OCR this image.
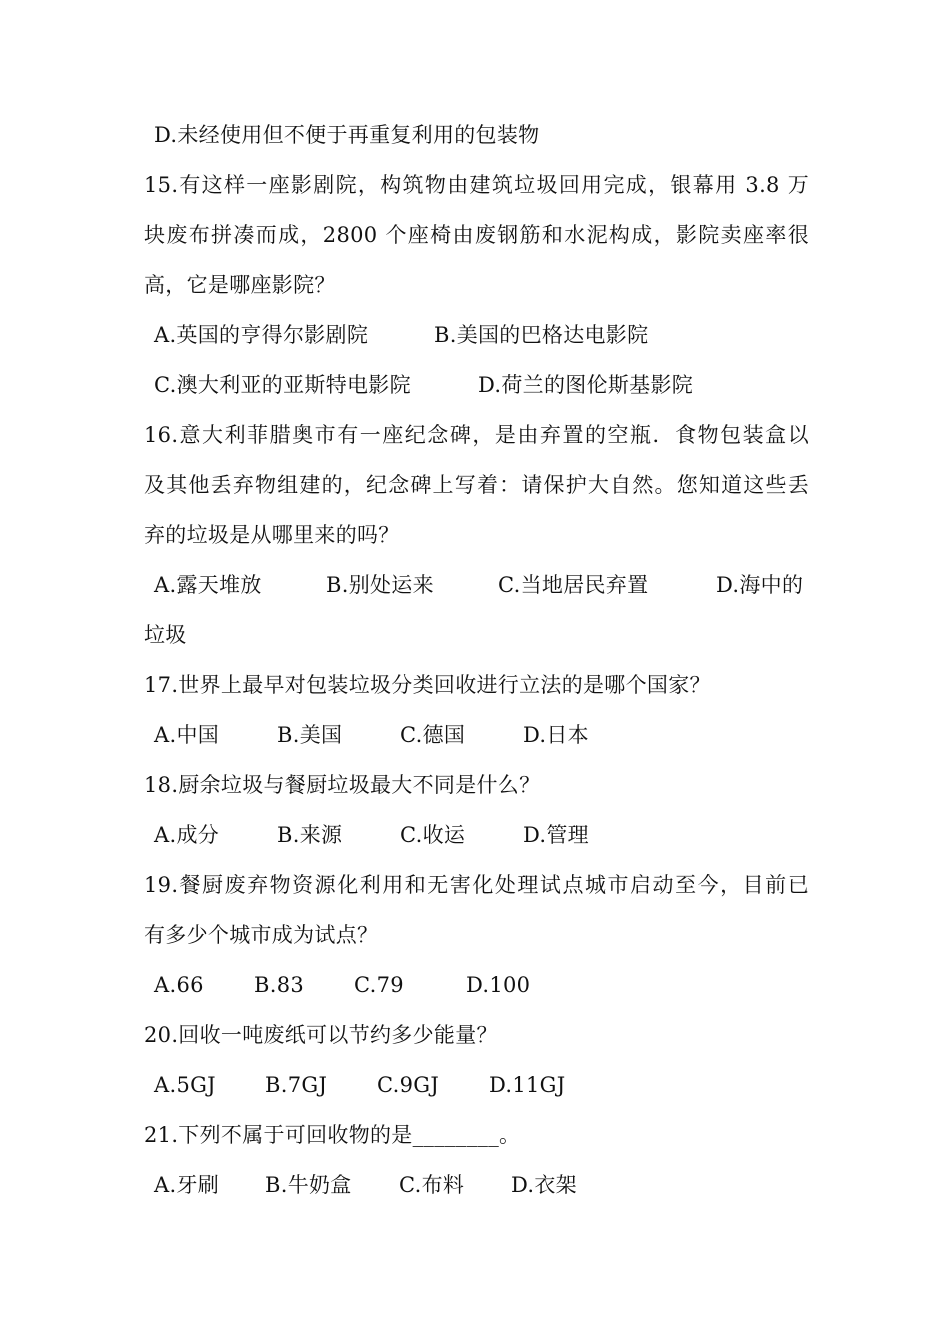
D.未经使用但不便于再重复利用的包装物
15.有这样一座影剧院，构筑物由建筑垃圾回用完成，银幕用 3.8 万
块废布拼凑而成，2800 个座椅由废钢筋和水泥构成，影院卖座率很
高，它是哪座影院？
A.英国的亨得尔影剧院	B.美国的巴格达电影院
C.澳大利亚的亚斯特电影院	D.荷兰的图伦斯基影院
16.意大利菲腊奥市有一座纪念碑，是由弃置的空瓶．食物包装盒以
及其他丢弃物组建的，纪念碑上写着：请保护大自然。您知道这些丢
弃的垃圾是从哪里来的吗？
A.露天堆放	B.别处运来	C.当地居民弃置	D.海中的
垃圾
17.世界上最早对包装垃圾分类回收进行立法的是哪个国家？
A.中国	B.美国	C.德国	D.日本
18.厨余垃圾与餐厨垃圾最大不同是什么？
A.成分	B.来源	C.收运	D.管理
19.餐厨废弃物资源化利用和无害化处理试点城市启动至今，目前已
有多少个城市成为试点？
A.66	B.83	C.79	D.100
20.回收一吨废纸可以节约多少能量？
A.5GJ	B.7GJ	C.9GJ	D.11GJ
21.下列不属于可回收物的是________。
A.牙刷	B.牛奶盒	C.布料	D.衣架
